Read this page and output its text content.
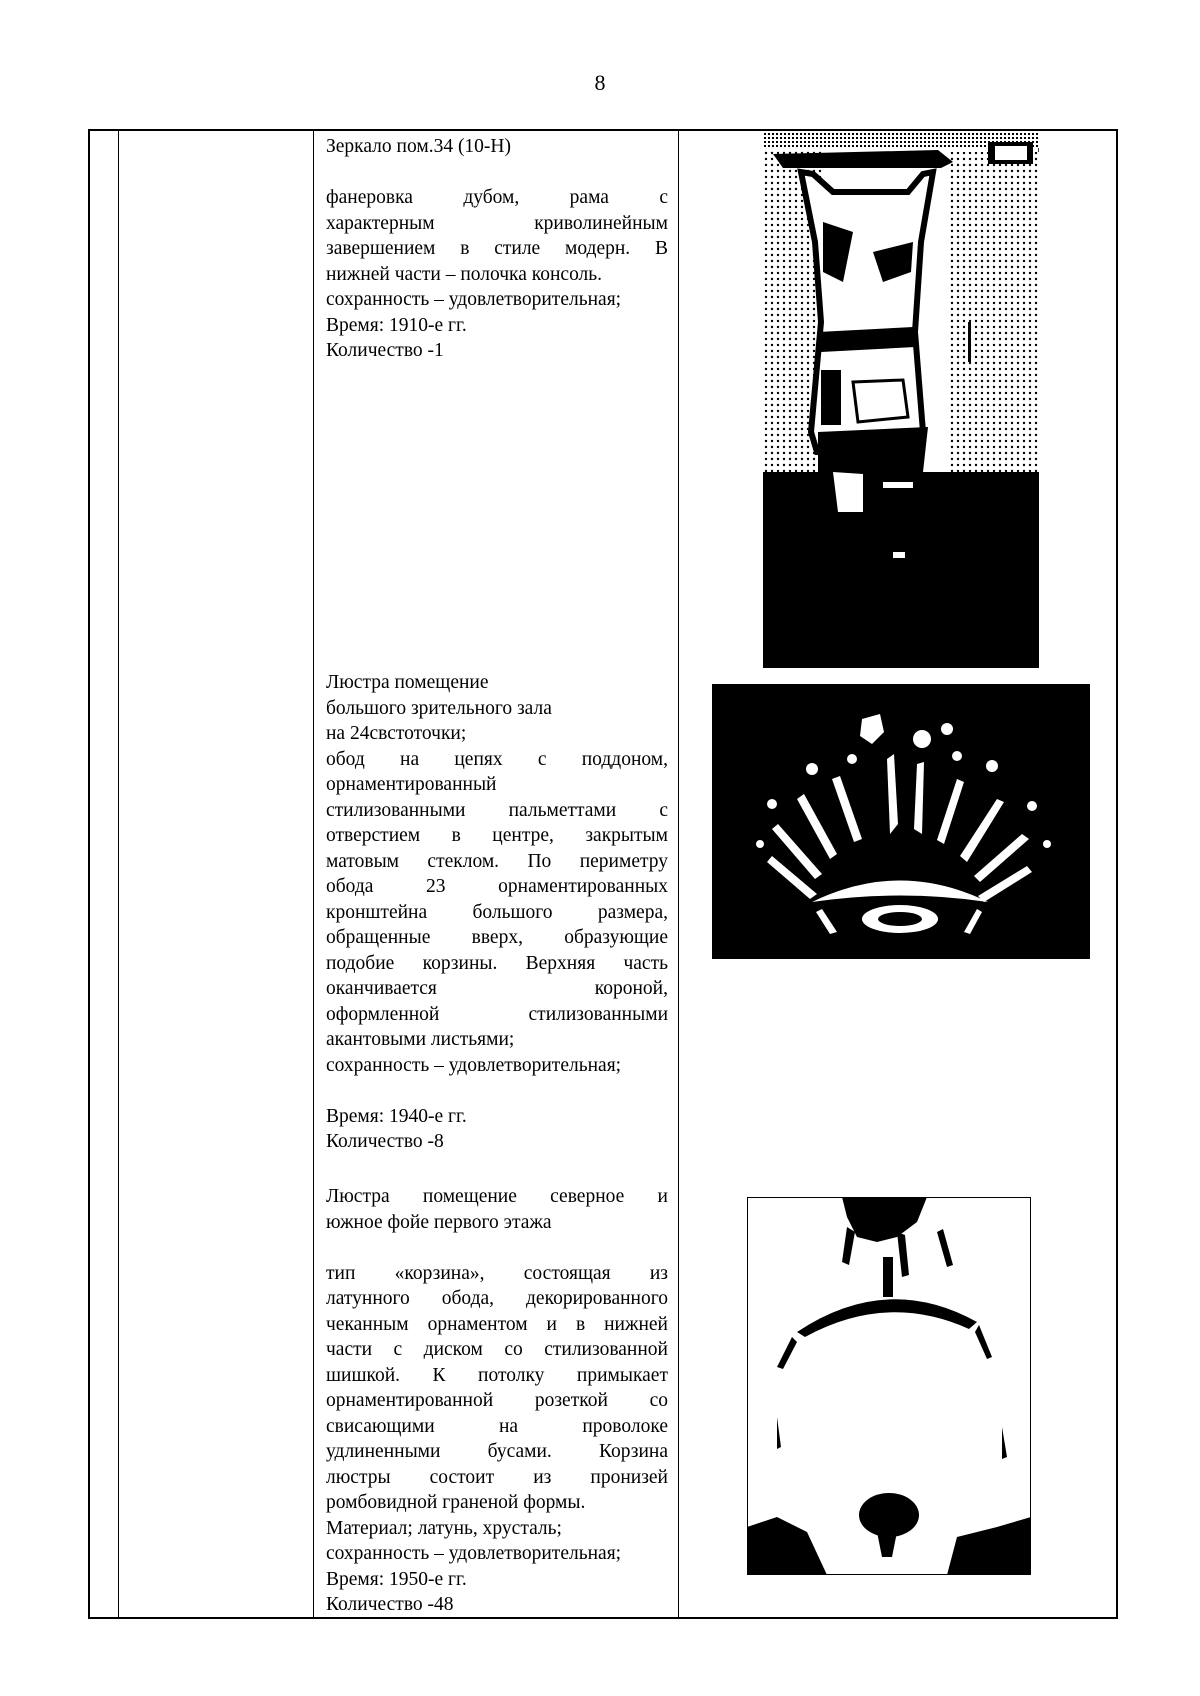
8

Зеркало пом.34 (10-Н)

фанеровка дубом, рама с

характерным криволинейным

завершением в стиле модерн. В

нижней части – полочка консоль.

сохранность – удовлетворительная;

Время: 1910-е гг.

Количество -1

Люстра помещение

большого зрительного зала

на 24свстоточки;

обод на цепях с поддоном,

орнаментированный

стилизованными пальметтами с

отверстием в центре, закрытым

матовым стеклом. По периметру

обода 23 орнаментированных

кронштейна большого размера,

обращенные вверх, образующие

подобие корзины. Верхняя часть

оканчивается короной,

оформленной стилизованными

акантовыми листьями;

сохранность – удовлетворительная;

Время: 1940-е гг.

Количество -8

Люстра помещение северное и

южное фойе первого этажа

тип «корзина», состоящая из

латунного обода, декорированного

чеканным орнаментом и в нижней

части с диском со стилизованной

шишкой. К потолку примыкает

орнаментированной розеткой со

свисающими на проволоке

удлиненными бусами. Корзина

люстры состоит из пронизей

ромбовидной граненой формы.

Материал; латунь, хрусталь;

сохранность – удовлетворительная;

Время: 1950-е гг.

Количество -48
